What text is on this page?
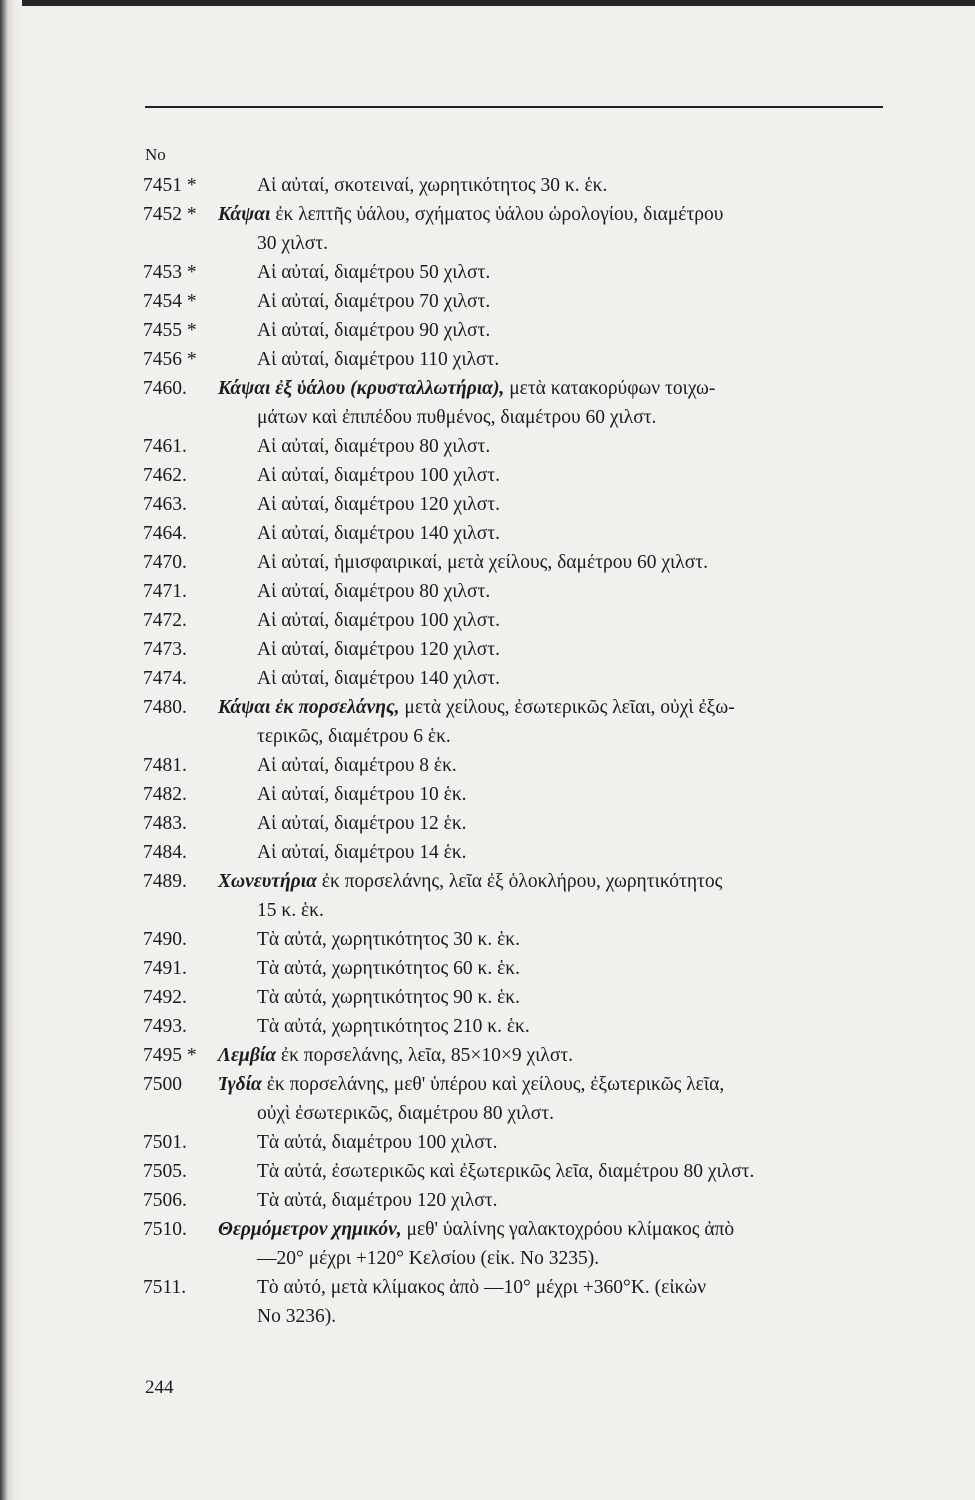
No
7451 *	Αἱ αὐταί, σκοτειναί, χωρητικότητος 30 κ. ἑκ.
7452 * Κάψαι ἐκ λεπτῆς ὑάλου, σχήματος ὑάλου ὡρολογίου, διαμέτρου
30 χιλστ.
7453 *	Αἱ αὐταί, διαμέτρου 50 χιλστ.
7454 *	Αἱ αὐταί, διαμέτρου 70 χιλστ.
7455 *	Αἱ αὐταί, διαμέτρου 90 χιλστ.
7456 *	Αἱ αὐταί, διαμέτρου 110 χιλστ.
7460. Κάψαι ἐξ ὑάλου (κρυσταλλωτήρια), μετὰ κατακορύφων τοιχω-
μάτων καὶ ἐπιπέδου πυθμένος, διαμέτρου 60 χιλστ.
7461.	Αἱ αὐταί, διαμέτρου 80 χιλστ.
7462.	Αἱ αὐταί, διαμέτρου 100 χιλστ.
7463.	Αἱ αὐταί, διαμέτρου 120 χιλστ.
7464.	Αἱ αὐταί, διαμέτρου 140 χιλστ.
7470.	Αἱ αὐταί, ἡμισφαιρικαί, μετὰ χείλους, δαμέτρου 60 χιλστ.
7471.	Αἱ αὐταί, διαμέτρου 80 χιλστ.
7472.	Αἱ αὐταί, διαμέτρου 100 χιλστ.
7473.	Αἱ αὐταί, διαμέτρου 120 χιλστ.
7474.	Αἱ αὐταί, διαμέτρου 140 χιλστ.
7480. Κάψαι ἐκ πορσελάνης, μετὰ χείλους, ἐσωτερικῶς λεῖαι, οὐχὶ ἐξω-
τερικῶς, διαμέτρου 6 ἑκ.
7481.	Αἱ αὐταί, διαμέτρου 8 ἑκ.
7482.	Αἱ αὐταί, διαμέτρου 10 ἑκ.
7483.	Αἱ αὐταί, διαμέτρου 12 ἑκ.
7484.	Αἱ αὐταί, διαμέτρου 14 ἑκ.
7489. Χωνευτήρια ἐκ πορσελάνης, λεῖα ἐξ ὁλοκλήρου, χωρητικότητος
15 κ. ἑκ.
7490.	Τὰ αὐτά, χωρητικότητος 30 κ. ἑκ.
7491.	Τὰ αὐτά, χωρητικότητος 60 κ. ἑκ.
7492.	Τὰ αὐτά, χωρητικότητος 90 κ. ἑκ.
7493.	Τὰ αὐτά, χωρητικότητος 210 κ. ἑκ.
7495 * Λεμβία ἐκ πορσελάνης, λεῖα, 85×10×9 χιλστ.
7500 Ἰγδία ἐκ πορσελάνης, μεθ' ὑπέρου καὶ χείλους, ἐξωτερικῶς λεῖα,
οὐχὶ ἐσωτερικῶς, διαμέτρου 80 χιλστ.
7501.	Τὰ αὐτά, διαμέτρου 100 χιλστ.
7505.	Τὰ αὐτά, ἐσωτερικῶς καὶ ἐξωτερικῶς λεῖα, διαμέτρου 80 χιλστ.
7506.	Τὰ αὐτά, διαμέτρου 120 χιλστ.
7510. Θερμόμετρον χημικόν, μεθ' ὑαλίνης γαλακτοχρόου κλίμακος ἀπὸ
—20° μέχρι +120° Κελσίου (εἰκ. No 3235).
7511.	Τὸ αὐτό, μετὰ κλίμακος ἀπὸ —10° μέχρι +360°Κ. (εἰκὼν
No 3236).
244
